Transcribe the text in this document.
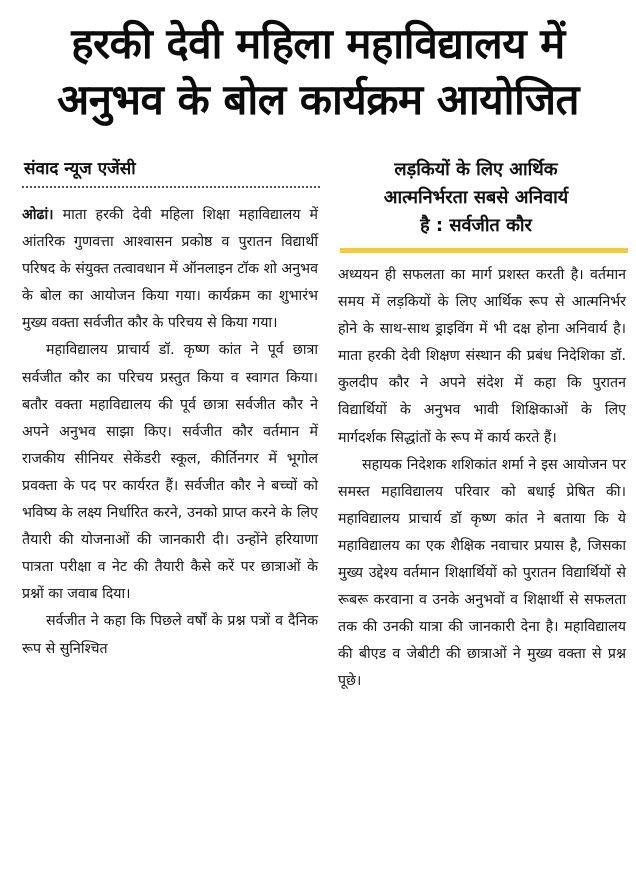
हरकी देवी महिला महाविद्यालय में
अनुभव के बोल कार्यक्रम आयोजित
संवाद न्यूज एजेंसी	लड़कियों के लिए आर्थिक
आत्मनिर्भरता सबसे अनिवार्य
है : सर्वजीत कौर

ओढां। माता हरकी देवी महिला शिक्षा महाविद्यालय में आंतरिक गुणवत्ता आश्वासन प्रकोष्ठ व पुरातन विद्यार्थी परिषद के संयुक्त तत्वावधान में ऑनलाइन टॉक शो अनुभव के बोल का आयोजन किया गया। कार्यक्रम का शुभारंभ मुख्य वक्ता सर्वजीत कौर के परिचय से किया गया।

महाविद्यालय प्राचार्य डॉ. कृष्ण कांत ने पूर्व छात्रा सर्वजीत कौर का परिचय प्रस्तुत किया व स्वागत किया। बतौर वक्ता महाविद्यालय की पूर्व छात्रा सर्वजीत कौर ने अपने अनुभव साझा किए। सर्वजीत कौर वर्तमान में राजकीय सीनियर सेकेंडरी स्कूल, कीर्तिनगर में भूगोल प्रवक्ता के पद पर कार्यरत हैं। सर्वजीत कौर ने बच्चों को भविष्य के लक्ष्य निर्धारित करने, उनको प्राप्त करने के लिए तैयारी की योजनाओं की जानकारी दी। उन्होंने हरियाणा पात्रता परीक्षा व नेट की तैयारी कैसे करें पर छात्राओं के प्रश्नों का जवाब दिया।

सर्वजीत ने कहा कि पिछले वर्षों के प्रश्न पत्रों व दैनिक रूप से सुनिश्चित

अध्ययन ही सफलता का मार्ग प्रशस्त करती है। वर्तमान समय में लड़कियों के लिए आर्थिक रूप से आत्मनिर्भर होने के साथ-साथ ड्राइविंग में भी दक्ष होना अनिवार्य है। माता हरकी देवी शिक्षण संस्थान की प्रबंध निदेशिका डॉ. कुलदीप कौर ने अपने संदेश में कहा कि पुरातन विद्यार्थियों के अनुभव भावी शिक्षिकाओं के लिए मार्गदर्शक सिद्धांतों के रूप में कार्य करते हैं।

सहायक निदेशक शशिकांत शर्मा ने इस आयोजन पर समस्त महाविद्यालय परिवार को बधाई प्रेषित की। महाविद्यालय प्राचार्य डॉ कृष्ण कांत ने बताया कि ये महाविद्यालय का एक शैक्षिक नवाचार प्रयास है, जिसका मुख्य उद्देश्य वर्तमान शिक्षार्थियों को पुरातन विद्यार्थियों से रूबरू करवाना व उनके अनुभवों व शिक्षार्थी से सफलता तक की उनकी यात्रा की जानकारी देना है। महाविद्यालय की बीएड व जेबीटी की छात्राओं ने मुख्य वक्ता से प्रश्न पूछे।
